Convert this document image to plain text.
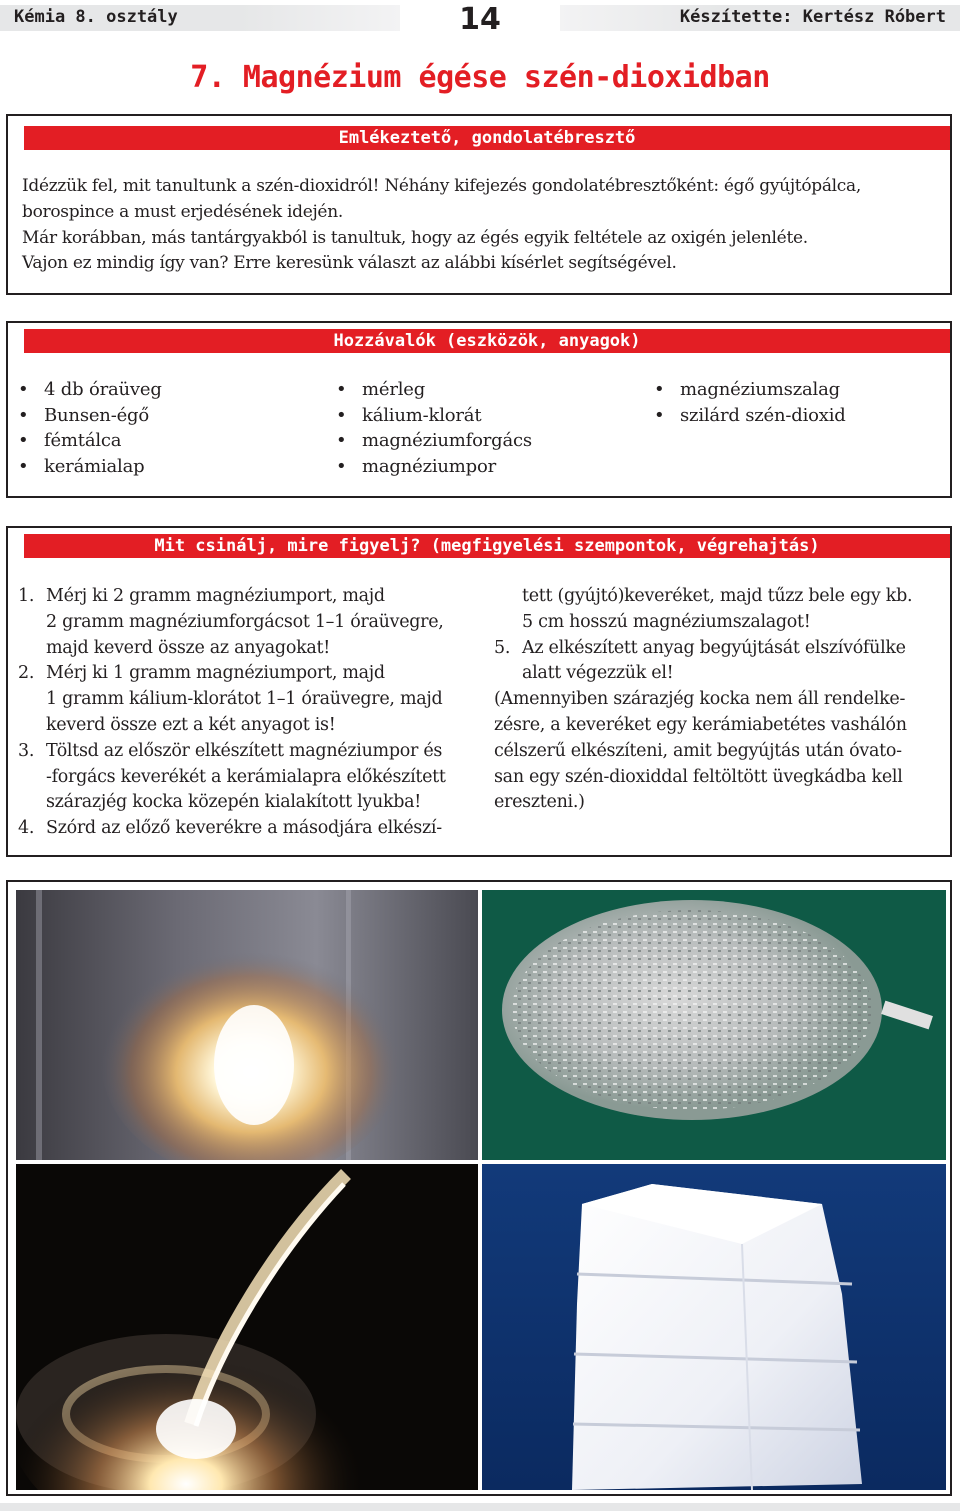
Kémia 8. osztály	14	Készítette: Kertész Róbert
7. Magnézium égése szén-dioxidban
Emlékeztető, gondolatébresztő

Idézzük fel, mit tanultunk a szén-dioxidról! Néhány kifejezés gondolatébresztőként: égő gyújtópálca,

borospince a must erjedésének idején.

Már korábban, más tantárgyakból is tanultuk, hogy az égés egyik feltétele az oxigén jelenléte.

Vajon ez mindig így van? Erre keresünk választ az alábbi kísérlet segítségével.

Hozzávalók (eszközök, anyagok)
• 4 db óraüveg
• Bunsen-égő
• fémtálca
• kerámialap
• mérleg
• kálium-klorát
• magnéziumforgács
• magnéziumpor
• magnéziumszalag
• szilárd szén-dioxid
Mit csinálj, mire figyelj? (megfigyelési szempontok, végrehajtás)
1. Mérj ki 2 gramm magnéziumport, majd
2 gramm magnéziumforgácsot 1–1 óraüvegre,
majd keverd össze az anyagokat!
2. Mérj ki 1 gramm magnéziumport, majd
1 gramm kálium-klorátot 1–1 óraüvegre, majd
keverd össze ezt a két anyagot is!
3. Töltsd az először elkészített magnéziumpor és
-forgács keverékét a kerámialapra előkészített
szárazjég kocka közepén kialakított lyukba!
4. Szórd az előző keverékre a másodjára elkészí-
tett (gyújtó)keveréket, majd tűzz bele egy kb.
5 cm hosszú magnéziumszalagot!
5. Az elkészített anyag begyújtását elszívófülke
alatt végezzük el!
(Amennyiben szárazjég kocka nem áll rendelke-
zésre, a keveréket egy kerámiabetétes vashálón
célszerű elkészíteni, amit begyújtás után óvato-
san egy szén-dioxiddal feltöltött üvegkádba kell
ereszteni.)
